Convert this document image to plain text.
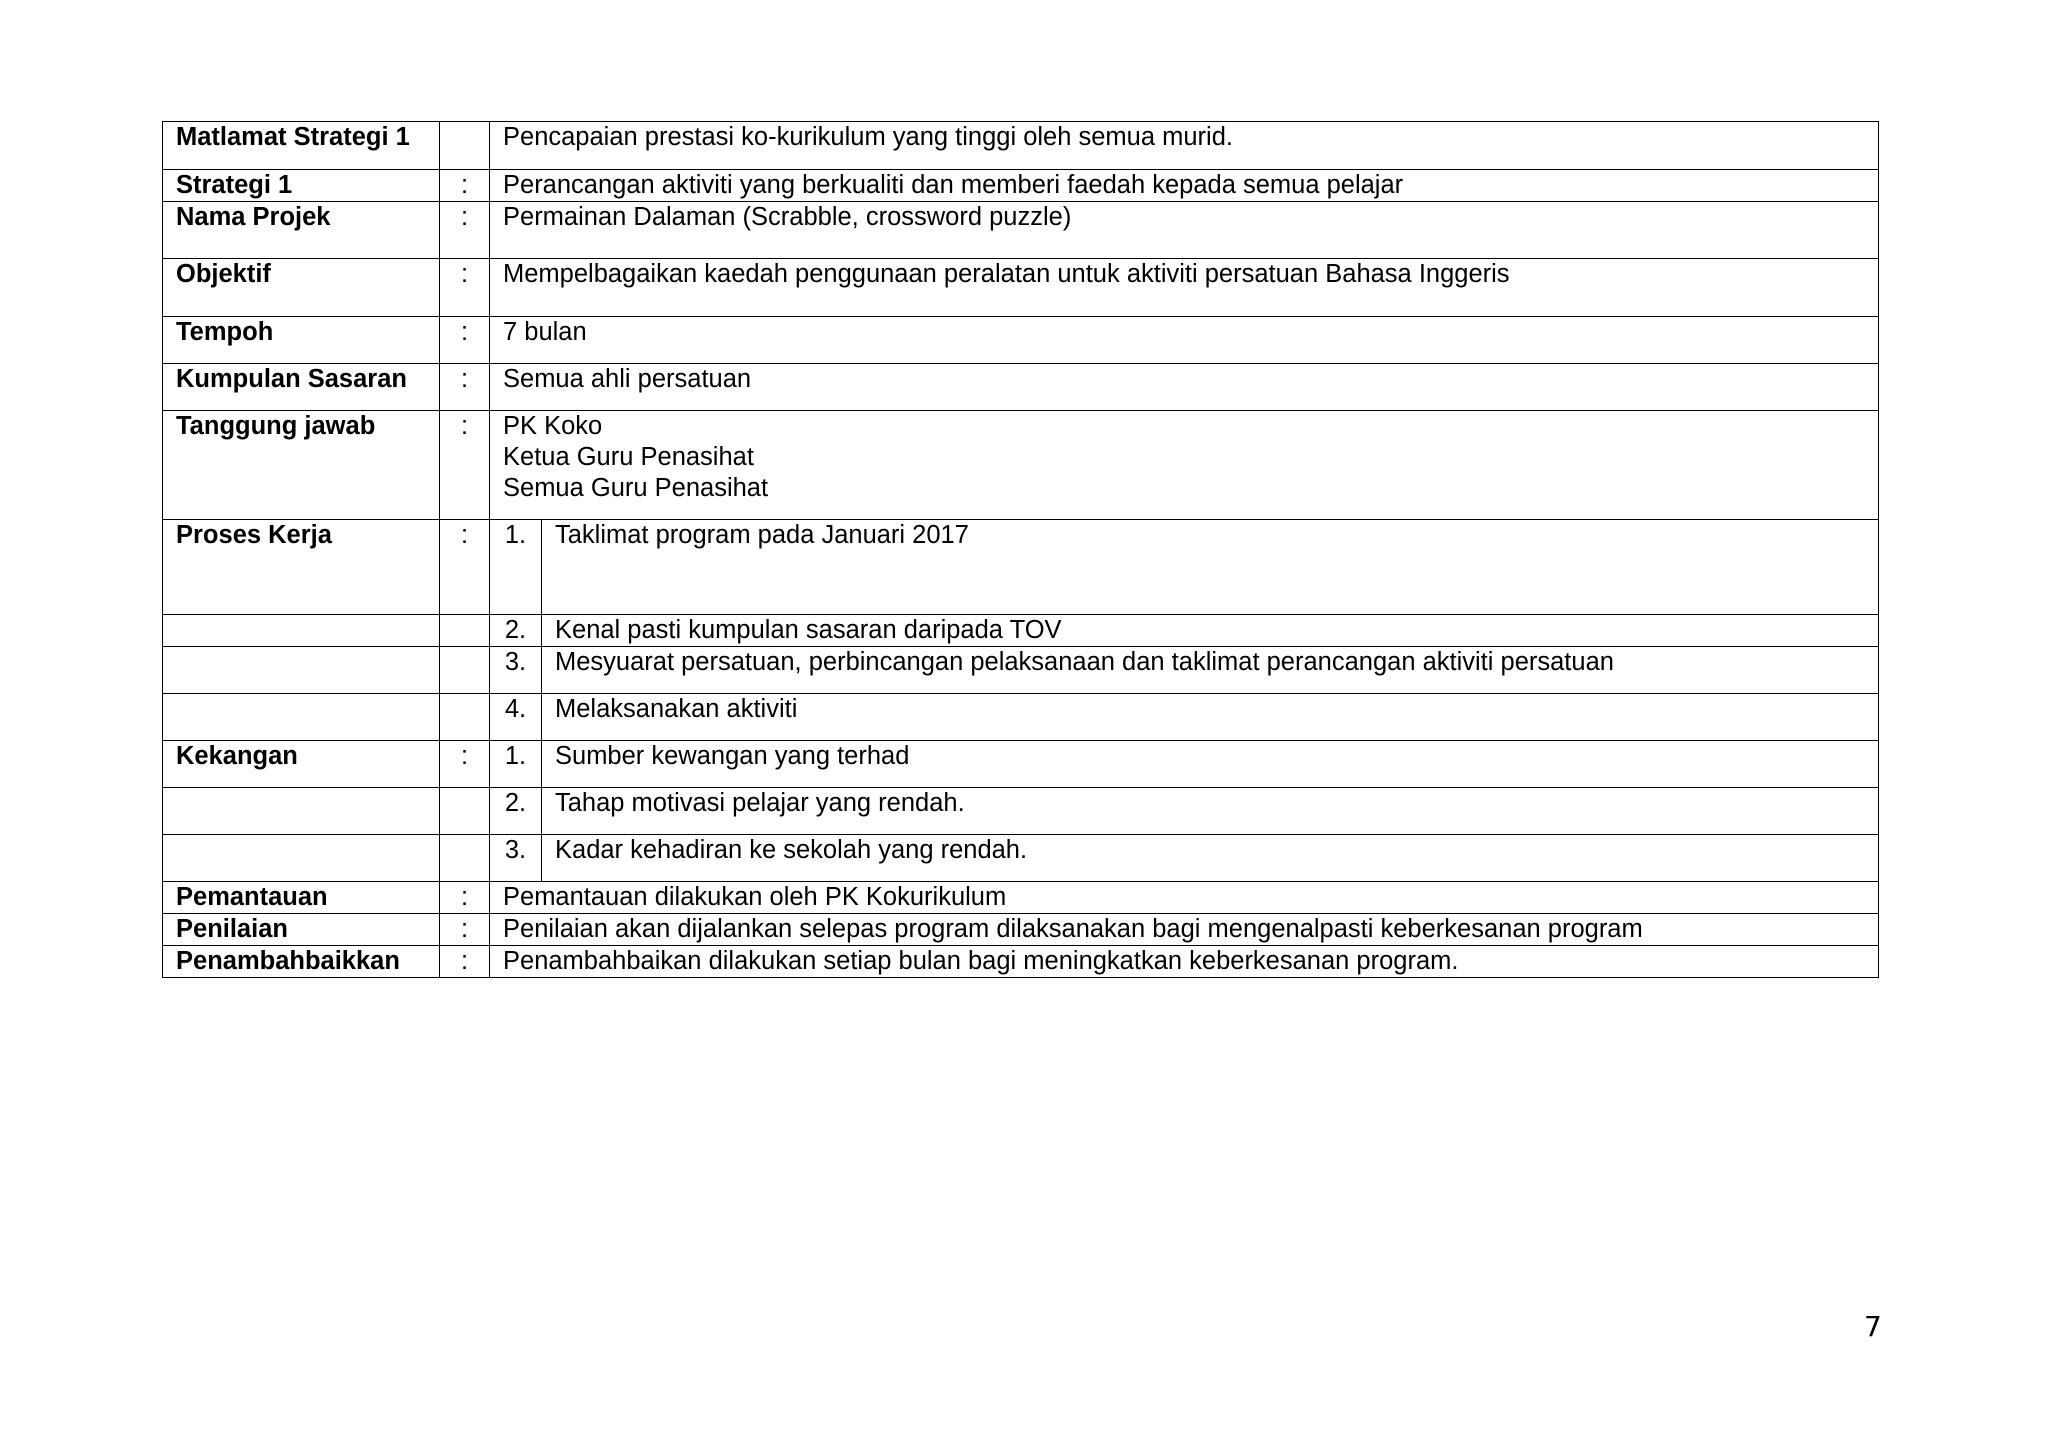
Matlamat Strategi 1		Pencapaian prestasi ko-kurikulum yang tinggi oleh semua murid.	
Strategi 1	:	Perancangan aktiviti yang berkualiti dan memberi faedah kepada semua pelajar	
Nama Projek	:	Permainan Dalaman (Scrabble, crossword puzzle)	
Objektif	:	Mempelbagaikan kaedah penggunaan peralatan untuk aktiviti persatuan Bahasa Inggeris	
Tempoh	:	7 bulan	
Kumpulan Sasaran	:	Semua ahli persatuan	
Tanggung jawab	:	PK Koko
Ketua Guru Penasihat
Semua Guru Penasihat	

Proses Kerja	:	1.	Taklimat program pada Januari 2017
		2.	Kenal pasti kumpulan sasaran daripada TOV
		3.	Mesyuarat persatuan, perbincangan pelaksanaan dan taklimat perancangan aktiviti persatuan
		4.	Melaksanakan aktiviti
Kekangan	:	1.	Sumber kewangan yang terhad
		2.	Tahap motivasi pelajar yang rendah.
		3.	Kadar kehadiran ke sekolah yang rendah.
Pemantauan	:	Pemantauan dilakukan oleh PK Kokurikulum	
Penilaian	:	Penilaian akan dijalankan selepas program dilaksanakan bagi mengenalpasti keberkesanan program	
Penambahbaikkan	:	Penambahbaikan dilakukan setiap bulan bagi meningkatkan keberkesanan program.	
7
